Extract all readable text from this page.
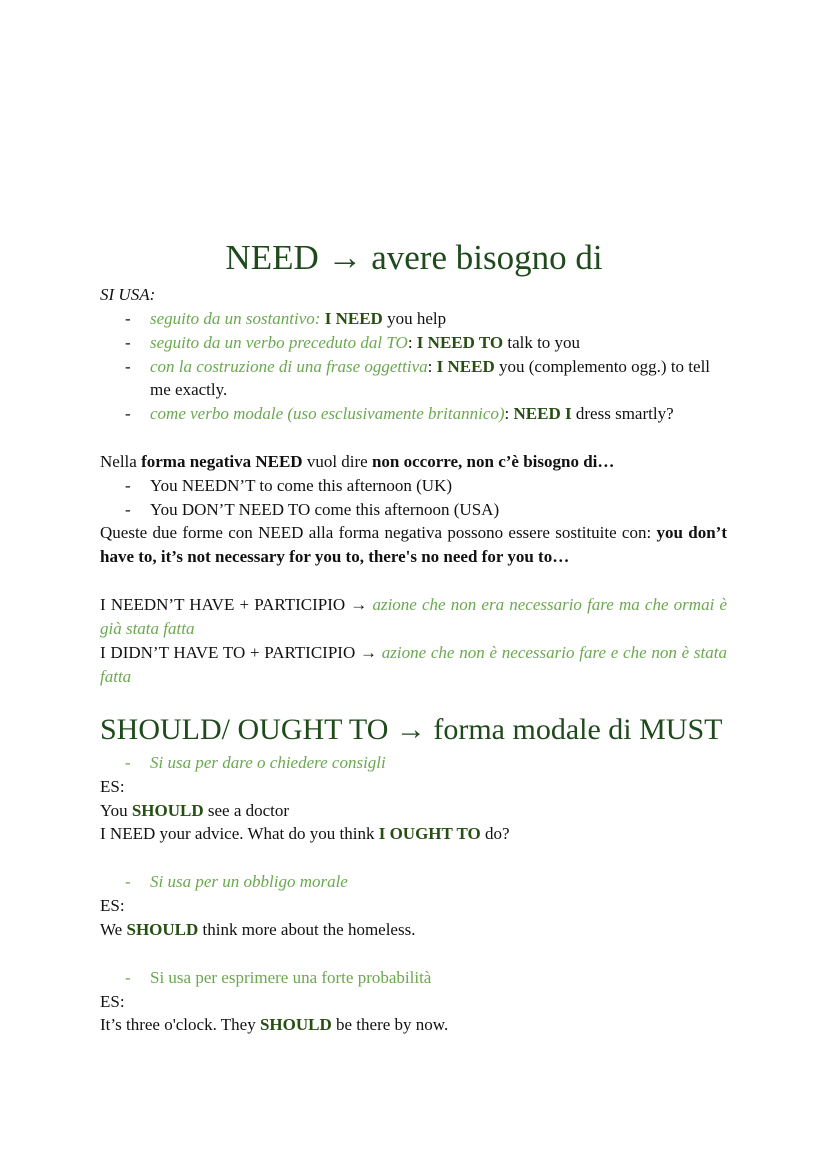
NEED → avere bisogno di
SHOULD/ OUGHT TO → forma modale di MUST

SI USA:

- seguito da un sostantivo: I NEED you help
- seguito da un verbo preceduto dal TO: I NEED TO talk to you
- con la costruzione di una frase oggettiva: I NEED you (complemento ogg.) to tell me exactly.
- come verbo modale (uso esclusivamente britannico): NEED I dress smartly?

Nella forma negativa NEED vuol dire non occorre, non c’è bisogno di…

- You NEEDN’T to come this afternoon (UK)
- You DON’T NEED TO come this afternoon (USA)

Queste due forme con NEED alla forma negativa possono essere sostituite con: you don’t have to, it’s not necessary for you to, there's no need for you to…

I NEEDN’T HAVE + PARTICIPIO → azione che non era necessario fare ma che ormai è già stata fatta

I DIDN’T HAVE TO + PARTICIPIO → azione che non è necessario fare e che non è stata fatta

- Si usa per dare o chiedere consigli

ES:

You SHOULD see a doctor

I NEED your advice. What do you think I OUGHT TO do?

- Si usa per un obbligo morale

ES:

We SHOULD think more about the homeless.

- Si usa per esprimere una forte probabilità

ES:

It’s three o'clock. They SHOULD be there by now.
